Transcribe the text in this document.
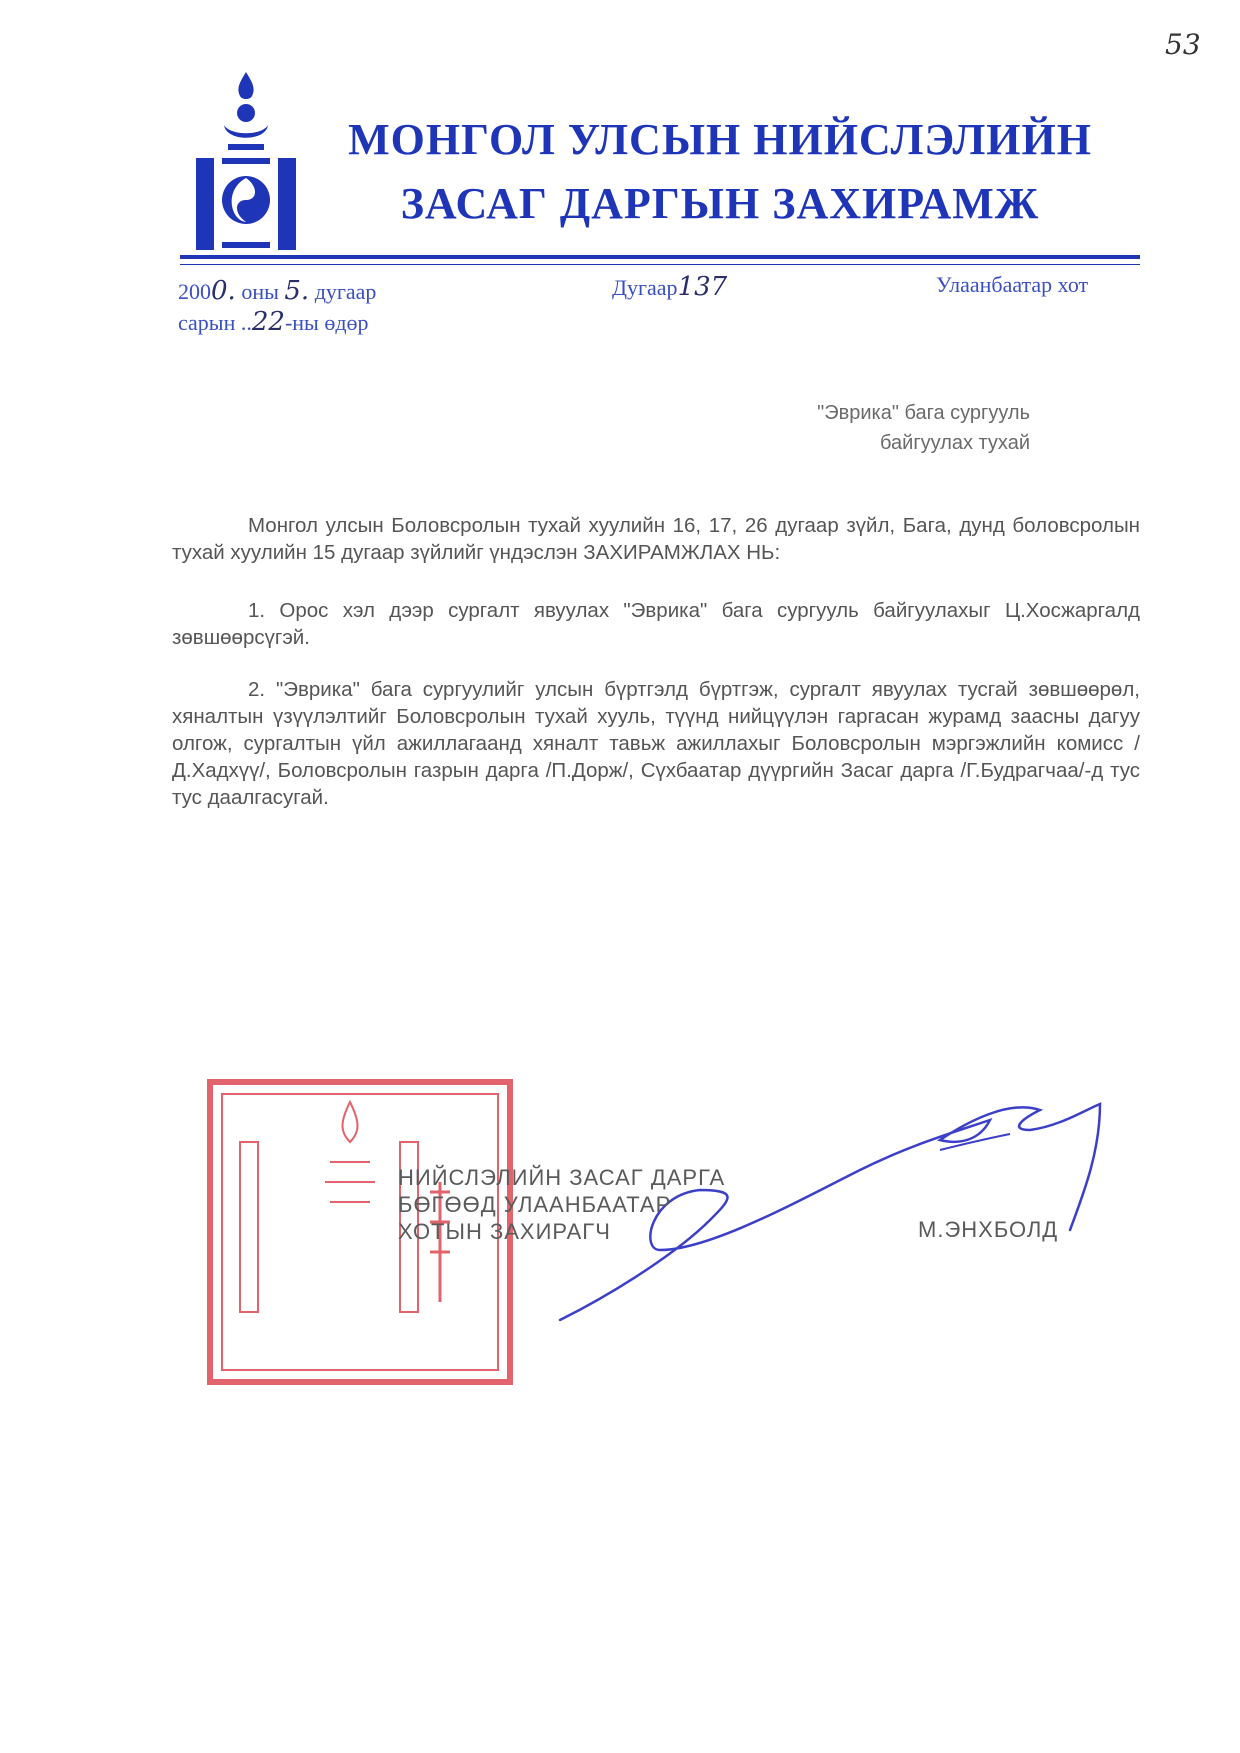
53
МОНГОЛ УЛСЫН НИЙСЛЭЛИЙН
ЗАСАГ ДАРГЫН ЗАХИРАМЖ
2000. оны 5. дугаар
сарын ..22-ны өдөр
Дугаар137	Улаанбаатар хот
"Эврика" бага сургууль
байгуулах тухай
Монгол улсын Боловсролын тухай хуулийн 16, 17, 26 дугаар зүйл, Бага, дунд боловсролын тухай хуулийн 15 дугаар зүйлийг үндэслэн ЗАХИРАМЖЛАХ НЬ:
1. Орос хэл дээр сургалт явуулах "Эврика" бага сургууль байгуулахыг Ц.Хосжаргалд зөвшөөрсүгэй.
2. "Эврика" бага сургуулийг улсын бүртгэлд бүртгэж, сургалт явуулах тусгай зөвшөөрөл, хяналтын үзүүлэлтийг Боловсролын тухай хууль, түүнд нийцүүлэн гаргасан журамд заасны дагуу олгож, сургалтын үйл ажиллагаанд хяналт тавьж ажиллахыг Боловсролын мэргэжлийн комисс /Д.Хадхүү/, Боловсролын газрын дарга /П.Дорж/, Сүхбаатар дүүргийн Засаг дарга /Г.Будрагчаа/-д тус тус даалгасугай.
НИЙСЛЭЛИЙН ЗАСАГ ДАРГА
БӨГӨӨД УЛААНБААТАР
ХОТЫН ЗАХИРАГЧ	М.ЭНХБОЛД
